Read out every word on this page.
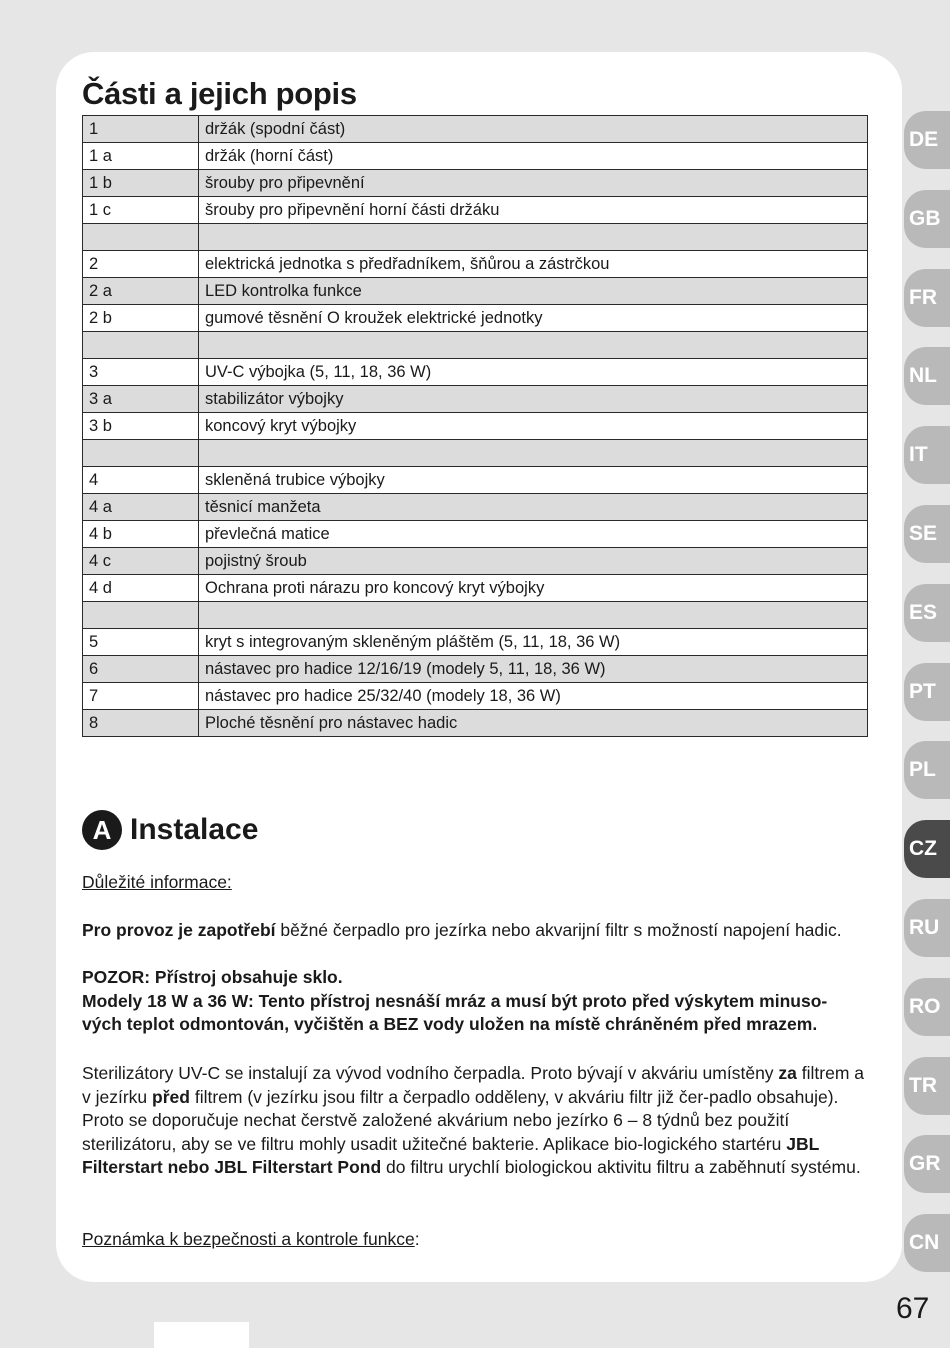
Části a jejich popis
1	držák (spodní část)
1 a	držák (horní část)
1 b	šrouby pro připevnění
1 c	šrouby pro připevnění horní části držáku

2	elektrická jednotka s předřadníkem, šňůrou a zástrčkou
2 a	LED kontrolka funkce
2 b	gumové těsnění O kroužek elektrické jednotky

3	UV-C výbojka (5, 11, 18, 36 W)
3 a	stabilizátor výbojky
3 b	koncový kryt výbojky

4	skleněná trubice výbojky
4 a	těsnicí manžeta
4 b	převlečná matice
4 c	pojistný šroub
4 d	Ochrana proti nárazu pro koncový kryt výbojky

5	kryt s integrovaným skleněným pláštěm (5, 11, 18, 36 W)
6	nástavec pro hadice 12/16/19 (modely 5, 11, 18, 36 W)
7	nástavec pro hadice 25/32/40 (modely 18, 36 W)
8	Ploché těsnění pro nástavec hadic
A Instalace

Důležité informace:

Pro provoz je zapotřebí běžné čerpadlo pro jezírka nebo akvarijní filtr s možností napojení hadic.

POZOR: Přístroj obsahuje sklo.
Modely 18 W a 36 W: Tento přístroj nesnáší mráz a musí být proto před výskytem minuso-
vých teplot odmontován, vyčištěn a BEZ vody uložen na místě chráněném před mrazem.

Sterilizátory UV-C se instalují za vývod vodního čerpadla. Proto bývají v akváriu umístěny za filtrem a v jezírku před filtrem (v jezírku jsou filtr a čerpadlo odděleny, v akváriu filtr již čer-padlo obsahuje). Proto se doporučuje nechat čerstvě založené akvárium nebo jezírko 6 – 8 týdnů bez použití sterilizátoru, aby se ve filtru mohly usadit užitečné bakterie. Aplikace bio-logického startéru JBL Filterstart nebo JBL Filterstart Pond do filtru urychlí biologickou aktivitu filtru a zaběhnutí systému.

Poznámka k bezpečnosti a kontrole funkce:

DE
GB
FR
NL
IT
SE
ES
PT
PL
CZ
RU
RO
TR
GR
CN
67
